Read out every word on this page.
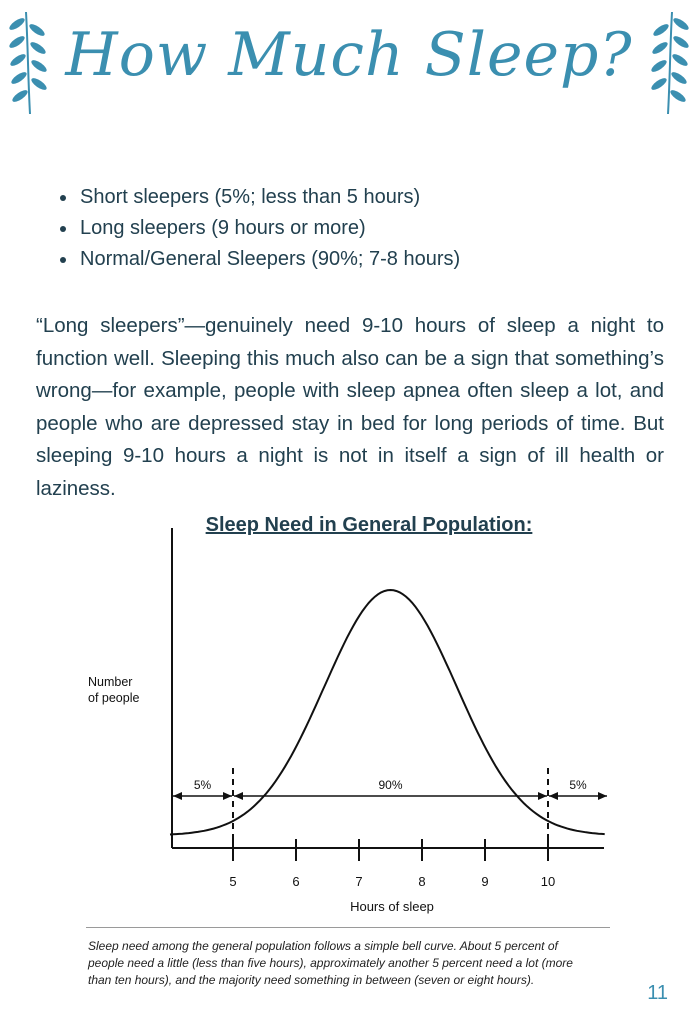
How Much Sleep?
• Short sleepers (5%; less than 5 hours)
• Long sleepers (9 hours or more)
• Normal/General Sleepers (90%; 7-8 hours)

“Long sleepers”—genuinely need 9-10 hours of sleep a night to function well. Sleeping this much also can be a sign that something’s wrong—for example, people with sleep apnea often sleep a lot, and people who are depressed stay in bed for long periods of time. But sleeping 9-10 hours a night is not in itself a sign of ill health or laziness.

Sleep Need in General Population:
5	6	7	8	9	10
5%	90%	5%
Number
of people
Hours of sleep

Sleep need among the general population follows a simple bell curve. About 5 percent of people need a little (less than five hours), approximately another 5 percent need a lot (more than ten hours), and the majority need something in between (seven or eight hours).

11
